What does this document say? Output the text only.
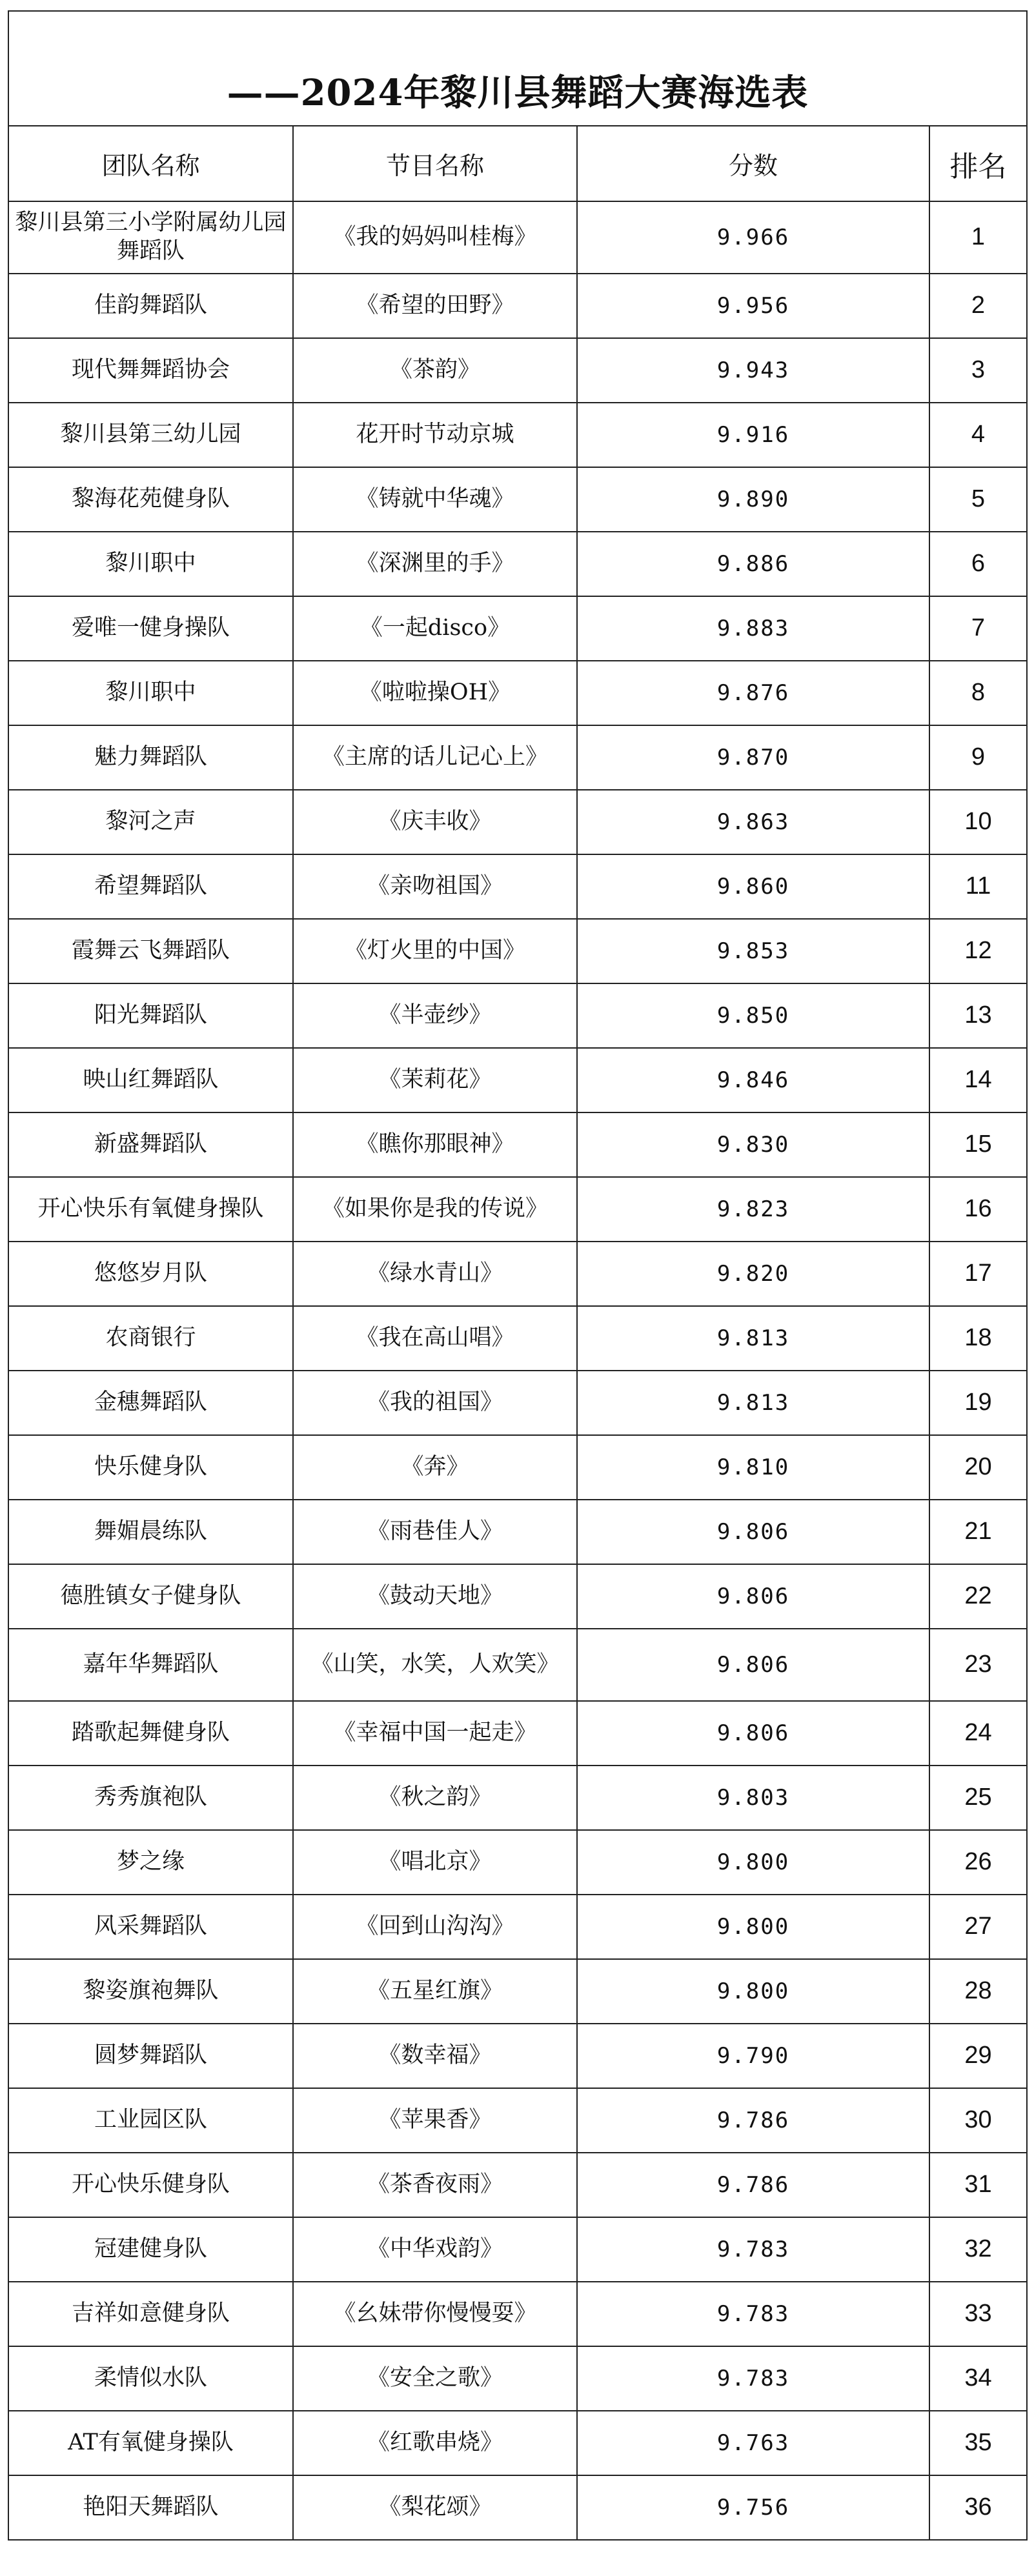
——2024年黎川县舞蹈大赛海选表
团队名称	节目名称	分数	排名
黎川县第三小学附属幼儿园舞蹈队	《我的妈妈叫桂梅》	9.966	1
佳韵舞蹈队	《希望的田野》	9.956	2
现代舞舞蹈协会	《茶韵》	9.943	3
黎川县第三幼儿园	花开时节动京城	9.916	4
黎海花苑健身队	《铸就中华魂》	9.890	5
黎川职中	《深渊里的手》	9.886	6
爱唯一健身操队	《一起disco》	9.883	7
黎川职中	《啦啦操OH》	9.876	8
魅力舞蹈队	《主席的话儿记心上》	9.870	9
黎河之声	《庆丰收》	9.863	10
希望舞蹈队	《亲吻祖国》	9.860	11
霞舞云飞舞蹈队	《灯火里的中国》	9.853	12
阳光舞蹈队	《半壶纱》	9.850	13
映山红舞蹈队	《茉莉花》	9.846	14
新盛舞蹈队	《瞧你那眼神》	9.830	15
开心快乐有氧健身操队	《如果你是我的传说》	9.823	16
悠悠岁月队	《绿水青山》	9.820	17
农商银行	《我在高山唱》	9.813	18
金穗舞蹈队	《我的祖国》	9.813	19
快乐健身队	《奔》	9.810	20
舞媚晨练队	《雨巷佳人》	9.806	21
德胜镇女子健身队	《鼓动天地》	9.806	22
嘉年华舞蹈队	《山笑，水笑，人欢笑》	9.806	23
踏歌起舞健身队	《幸福中国一起走》	9.806	24
秀秀旗袍队	《秋之韵》	9.803	25
梦之缘	《唱北京》	9.800	26
风采舞蹈队	《回到山沟沟》	9.800	27
黎姿旗袍舞队	《五星红旗》	9.800	28
圆梦舞蹈队	《数幸福》	9.790	29
工业园区队	《苹果香》	9.786	30
开心快乐健身队	《茶香夜雨》	9.786	31
冠建健身队	《中华戏韵》	9.783	32
吉祥如意健身队	《幺妹带你慢慢耍》	9.783	33
柔情似水队	《安全之歌》	9.783	34
AT有氧健身操队	《红歌串烧》	9.763	35
艳阳天舞蹈队	《梨花颂》	9.756	36
